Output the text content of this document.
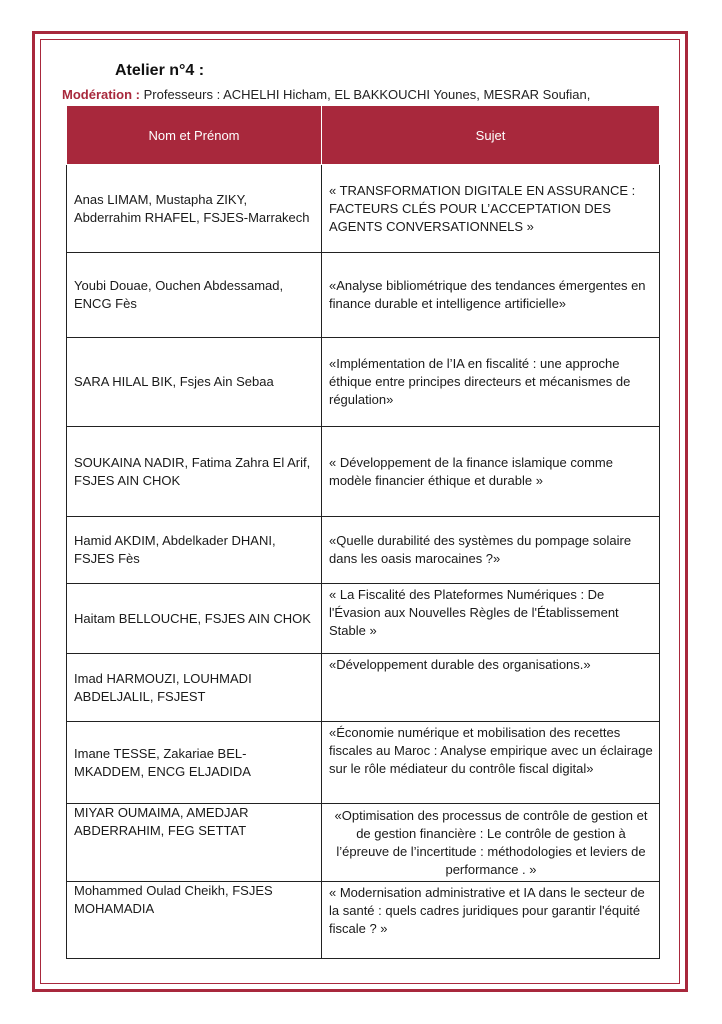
Atelier n°4 :
Modération : Professeurs : ACHELHI Hicham, EL BAKKOUCHI Younes, MESRAR Soufian,
Nom et Prénom	Sujet
Anas LIMAM, Mustapha ZIKY, Abderrahim RHAFEL, FSJES-Marrakech	« TRANSFORMATION DIGITALE EN ASSURANCE : FACTEURS CLÉS POUR L’ACCEPTATION DES AGENTS CONVERSATIONNELS »
Youbi Douae, Ouchen Abdessamad, ENCG Fès	«Analyse bibliométrique des tendances émergentes en finance durable et intelligence artificielle»
SARA HILAL BIK, Fsjes Ain Sebaa	«Implémentation de l’IA en fiscalité : une approche éthique entre principes directeurs et mécanismes de régulation»
SOUKAINA NADIR, Fatima Zahra El Arif, FSJES AIN CHOK	« Développement de la finance islamique comme modèle financier éthique et durable »
Hamid AKDIM, Abdelkader DHANI, FSJES Fès	«Quelle durabilité des systèmes du pompage solaire dans les oasis marocaines ?»
Haitam BELLOUCHE, FSJES AIN CHOK	« La Fiscalité des Plateformes Numériques : De l'Évasion aux Nouvelles Règles de l'Établissement Stable »
Imad HARMOUZI, LOUHMADI ABDELJALIL, FSJEST	«Développement durable des organisations.»
Imane TESSE, Zakariae BEL-MKADDEM, ENCG ELJADIDA	«Économie numérique et mobilisation des recettes fiscales au Maroc : Analyse empirique avec un éclairage sur le rôle médiateur du contrôle fiscal digital»
MIYAR OUMAIMA, AMEDJAR ABDERRAHIM, FEG SETTAT	«Optimisation des processus de contrôle de gestion et de gestion financière : Le contrôle de gestion à l’épreuve de l’incertitude : méthodologies et leviers de performance . »
Mohammed Oulad Cheikh, FSJES MOHAMADIA	« Modernisation administrative et IA dans le secteur de la santé : quels cadres juridiques pour garantir l'équité fiscale ? »
